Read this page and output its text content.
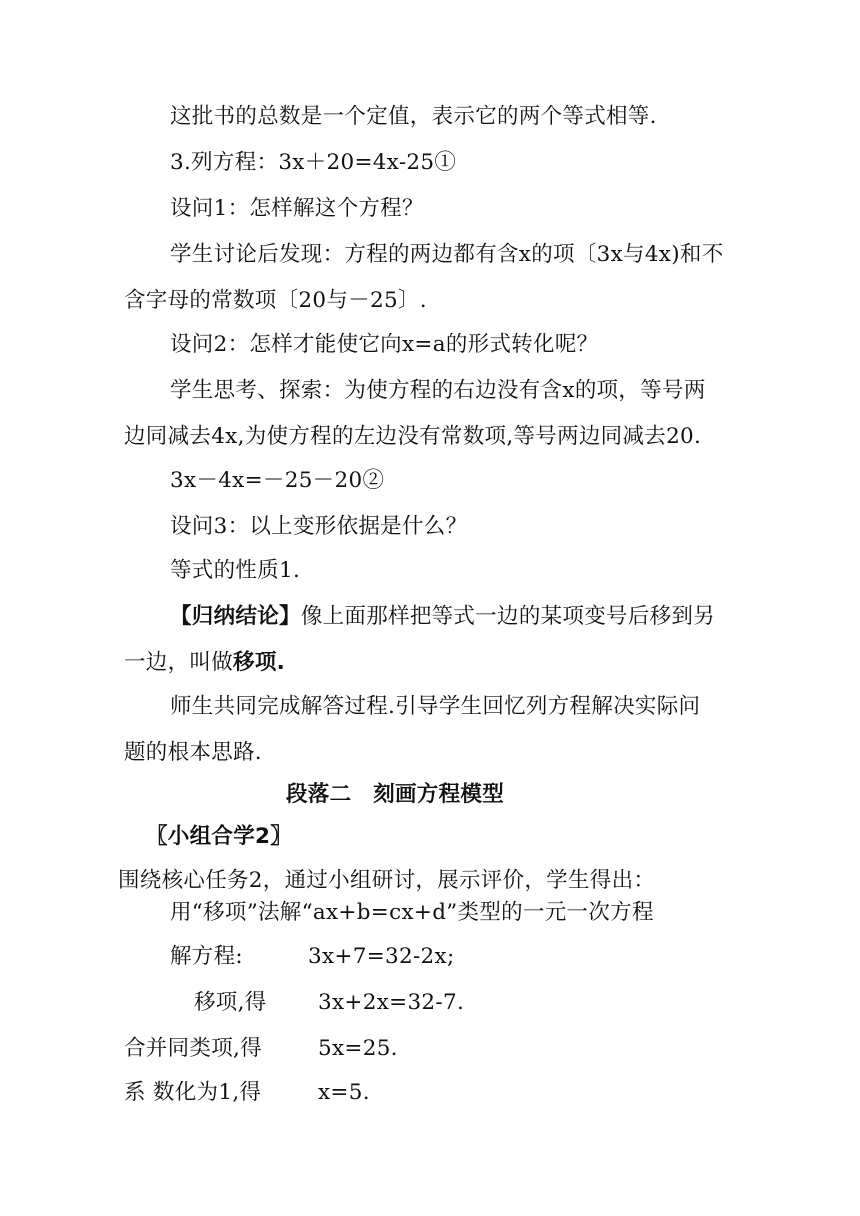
这批书的总数是一个定值，表示它的两个等式相等.
3.列方程：3x＋20=4x-25①
设问1：怎样解这个方程？
学生讨论后发现：方程的两边都有含x的项〔3x与4x)和不
含字母的常数项〔20与－25〕.
设问2：怎样才能使它向x=a的形式转化呢？
学生思考、探索：为使方程的右边没有含x的项，等号两
边同减去4x,为使方程的左边没有常数项,等号两边同减去20.
3x－4x=－25－20②
设问3：以上变形依据是什么？
等式的性质1.
【归纳结论】像上面那样把等式一边的某项变号后移到另
一边，叫做移项.
师生共同完成解答过程.引导学生回忆列方程解决实际问
题的根本思路.
段落二　刻画方程模型
〖小组合学2〗
围绕核心任务2，通过小组研讨，展示评价，学生得出：
用“移项”法解“ax+b=cx+d”类型的一元一次方程
解方程:	3x+7=32-2x;
移项,得 3x+2x=32-7.
合并同类项,得	5x=25.
系 数化为1,得	x=5.
